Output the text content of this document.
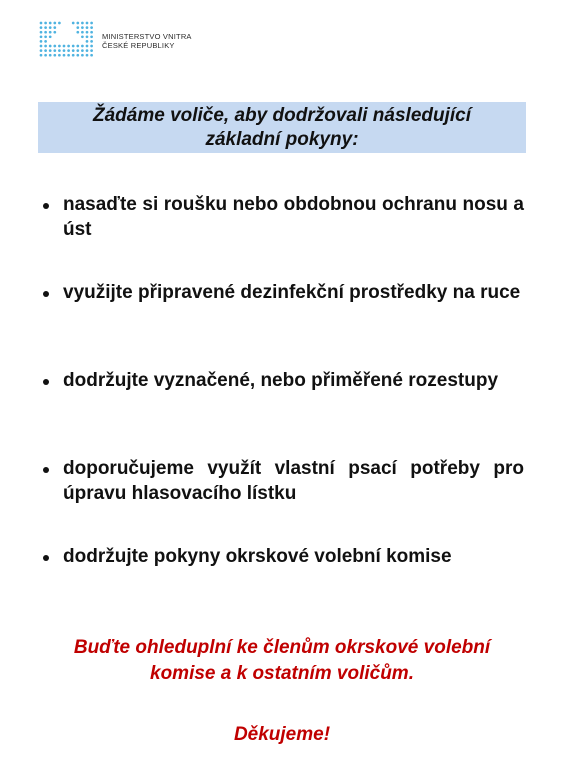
MINISTERSTVO VNITRA
ČESKÉ REPUBLIKY

Žádáme voliče, aby dodržovali následující
základní pokyny:

nasaďte si roušku nebo obdobnou ochranu nosu a úst
využijte připravené dezinfekční prostředky na ruce
dodržujte vyznačené, nebo přiměřené rozestupy
doporučujeme využít vlastní psací potřeby pro úpravu hlasovacího lístku
dodržujte pokyny okrskové volební komise

Buďte ohleduplní ke členům okrskové volební
komise a k ostatním voličům.

Děkujeme!
